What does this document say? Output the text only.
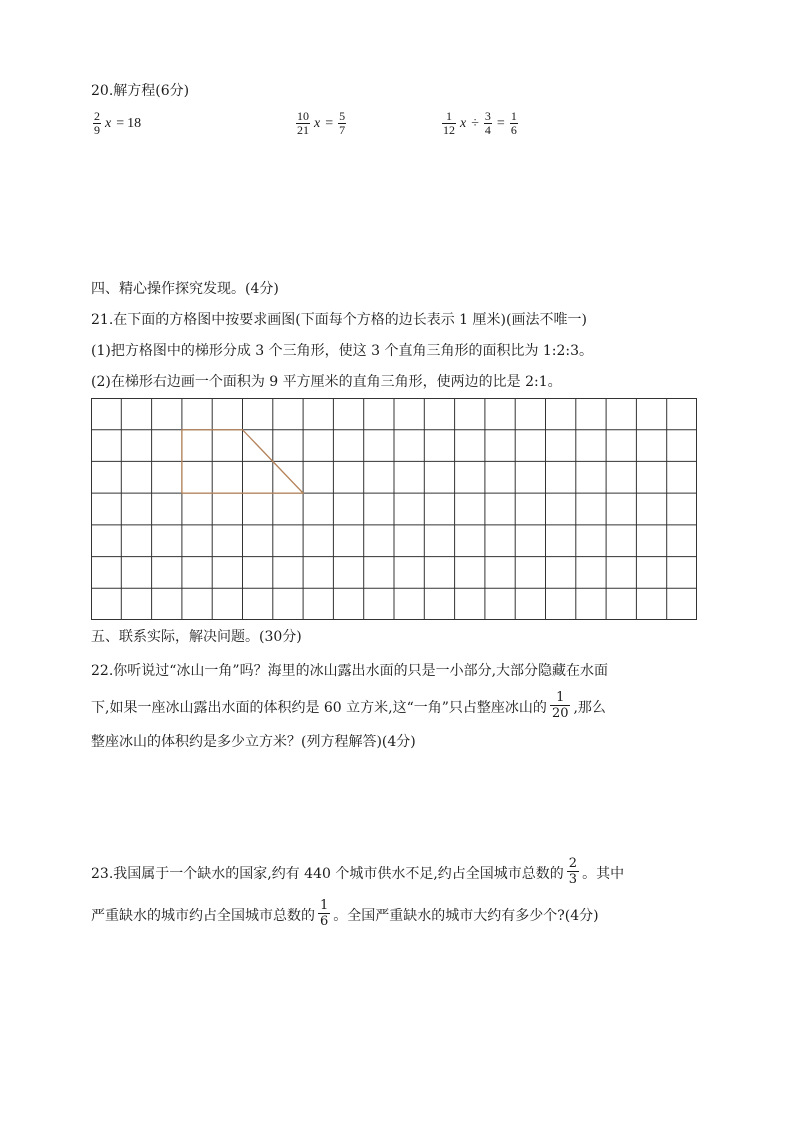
20.解方程(6分)
$\frac{2}{9}$ x = 18	$\frac{10}{21}$ $x = \frac{5}{7}$	$\frac{1}{12}$ $x \div \frac{3}{4} = \frac{1}{6}$
四、精心操作探究发现。(4分)
21.在下面的方格图中按要求画图(下面每个方格的边长表示 1 厘米)(画法不唯一)
(1)把方格图中的梯形分成 3 个三角形，使这 3 个直角三角形的面积比为 1:2:3。
(2)在梯形右边画一个面积为 9 平方厘米的直角三角形，使两边的比是 2:1。
五、联系实际，解决问题。(30分)
22.你听说过“冰山一角”吗？海里的冰山露出水面的只是一小部分,大部分隐藏在水面
下,如果一座冰山露出水面的体积约是 60 立方米,这“一角”只占整座冰山的 $\frac{1}{20}$ ,那么
整座冰山的体积约是多少立方米？(列方程解答)(4分)
23.我国属于一个缺水的国家,约有 440 个城市供水不足,约占全国城市总数的 $\frac{2}{3}$ 。其中
严重缺水的城市约占全国城市总数的 $\frac{1}{6}$ 。全国严重缺水的城市大约有多少个?(4分)
